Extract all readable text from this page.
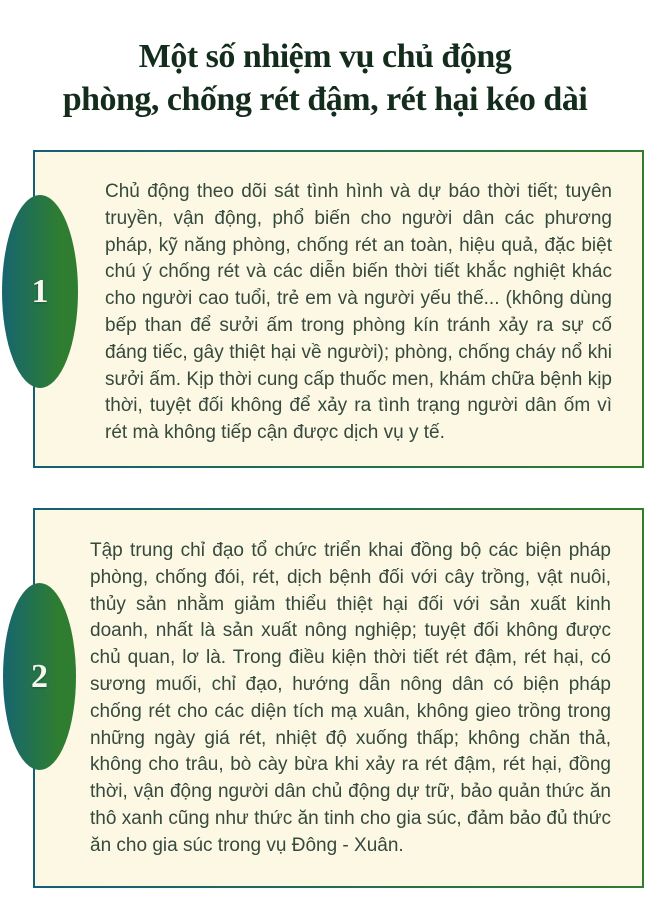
Một số nhiệm vụ chủ động
phòng, chống rét đậm, rét hại kéo dài
1

Chủ động theo dõi sát tình hình và dự báo thời tiết; tuyên truyền, vận động, phổ biến cho người dân các phương pháp, kỹ năng phòng, chống rét an toàn, hiệu quả, đặc biệt chú ý chống rét và các diễn biến thời tiết khắc nghiệt khác cho người cao tuổi, trẻ em và người yếu thế... (không dùng bếp than để sưởi ấm trong phòng kín tránh xảy ra sự cố đáng tiếc, gây thiệt hại về người); phòng, chống cháy nổ khi sưởi ấm. Kịp thời cung cấp thuốc men, khám chữa bệnh kịp thời, tuyệt đối không để xảy ra tình trạng người dân ốm vì rét mà không tiếp cận được dịch vụ y tế.

2

Tập trung chỉ đạo tổ chức triển khai đồng bộ các biện pháp phòng, chống đói, rét, dịch bệnh đối với cây trồng, vật nuôi, thủy sản nhằm giảm thiểu thiệt hại đối với sản xuất kinh doanh, nhất là sản xuất nông nghiệp; tuyệt đối không được chủ quan, lơ là. Trong điều kiện thời tiết rét đậm, rét hại, có sương muối, chỉ đạo, hướng dẫn nông dân có biện pháp chống rét cho các diện tích mạ xuân, không gieo trồng trong những ngày giá rét, nhiệt độ xuống thấp; không chăn thả, không cho trâu, bò cày bừa khi xảy ra rét đậm, rét hại, đồng thời, vận động người dân chủ động dự trữ, bảo quản thức ăn thô xanh cũng như thức ăn tinh cho gia súc, đảm bảo đủ thức ăn cho gia súc trong vụ Đông - Xuân.
